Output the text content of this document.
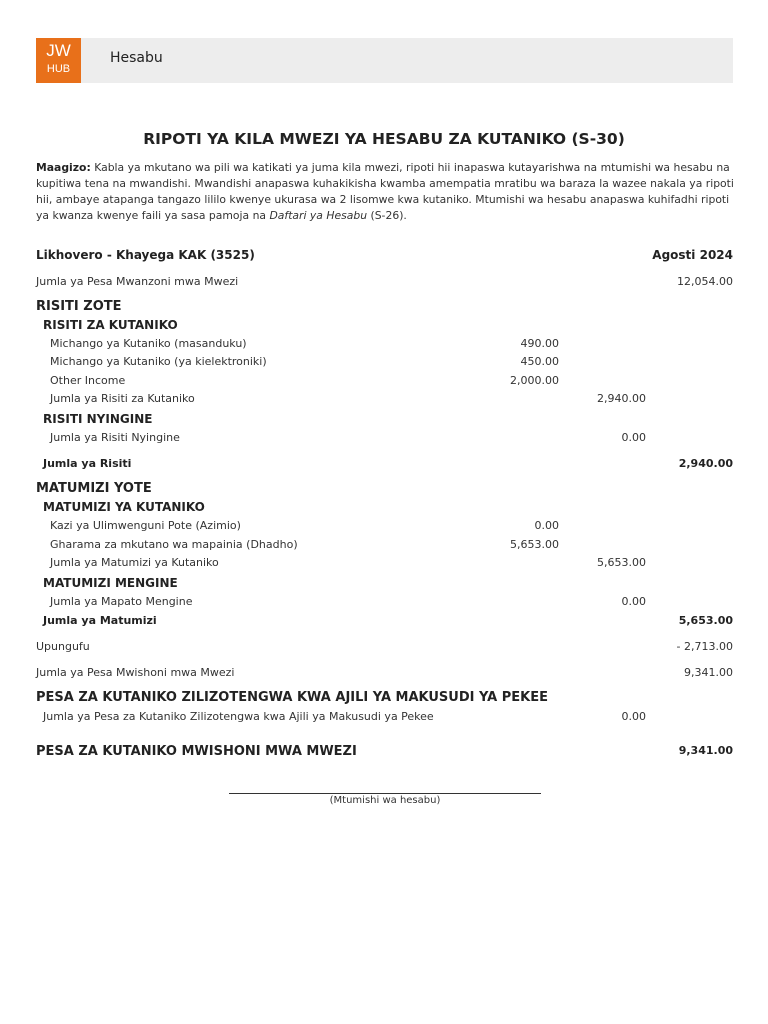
JW
HUB
Hesabu
RIPOTI YA KILA MWEZI YA HESABU ZA KUTANIKO (S-30)
Maagizo: Kabla ya mkutano wa pili wa katikati ya juma kila mwezi, ripoti hii inapaswa kutayarishwa na mtumishi wa hesabu na kupitiwa tena na mwandishi. Mwandishi anapaswa kuhakikisha kwamba amempatia mratibu wa baraza la wazee nakala ya ripoti hii, ambaye atapanga tangazo lililo kwenye ukurasa wa 2 lisomwe kwa kutaniko. Mtumishi wa hesabu anapaswa kuhifadhi ripoti ya kwanza kwenye faili ya sasa pamoja na Daftari ya Hesabu (S-26).
Likhovero - Khayega KAK (3525)	Agosti 2024
Jumla ya Pesa Mwanzoni mwa Mwezi	12,054.00
RISITI ZOTE
RISITI ZA KUTANIKO
Michango ya Kutaniko (masanduku)	490.00
Michango ya Kutaniko (ya kielektroniki)	450.00
Other Income	2,000.00
Jumla ya Risiti za Kutaniko	2,940.00
RISITI NYINGINE
Jumla ya Risiti Nyingine	0.00
Jumla ya Risiti	2,940.00
MATUMIZI YOTE
MATUMIZI YA KUTANIKO
Kazi ya Ulimwenguni Pote (Azimio)	0.00
Gharama za mkutano wa mapainia (Dhadho)	5,653.00
Jumla ya Matumizi ya Kutaniko	5,653.00
MATUMIZI MENGINE
Jumla ya Mapato Mengine	0.00
Jumla ya Matumizi	5,653.00
Upungufu	- 2,713.00
Jumla ya Pesa Mwishoni mwa Mwezi	9,341.00
PESA ZA KUTANIKO ZILIZOTENGWA KWA AJILI YA MAKUSUDI YA PEKEE
Jumla ya Pesa za Kutaniko Zilizotengwa kwa Ajili ya Makusudi ya Pekee	0.00
PESA ZA KUTANIKO MWISHONI MWA MWEZI	9,341.00
(Mtumishi wa hesabu)
